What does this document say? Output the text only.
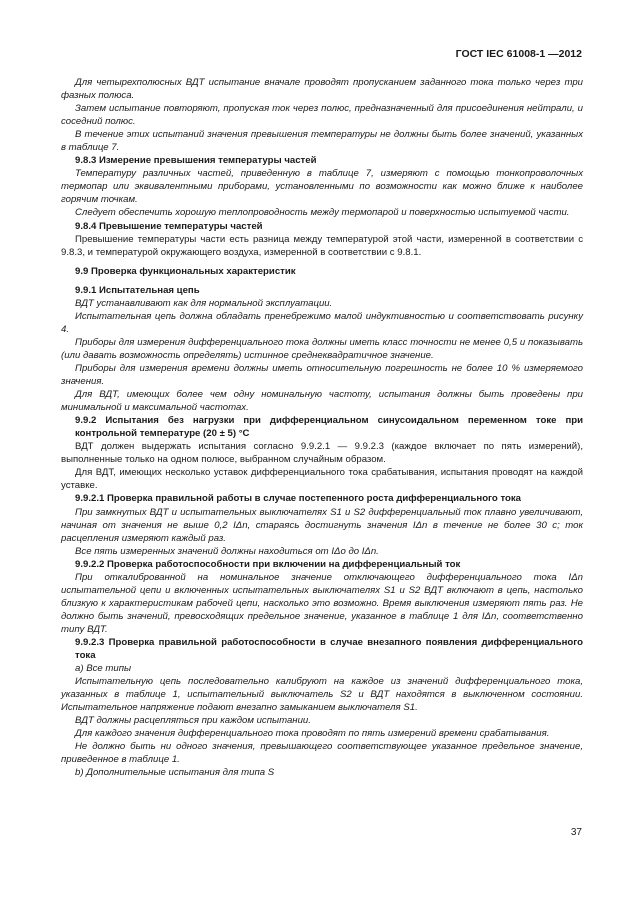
ГОСТ IEC 61008-1 —2012

Для четырехполюсных ВДТ испытание вначале проводят пропусканием заданного тока только через три фазных полюса.

Затем испытание повторяют, пропуская ток через полюс, предназначенный для присоединения нейтрали, и соседний полюс.

В течение этих испытаний значения превышения температуры не должны быть более значений, указанных в таблице 7.

9.8.3 Измерение превышения температуры частей

Температуру различных частей, приведенную в таблице 7, измеряют с помощью тонкопроволочных термопар или эквивалентными приборами, установленными по возможности как можно ближе к наиболее горячим точкам.

Следует обеспечить хорошую теплопроводность между термопарой и поверхностью испытуемой части.

9.8.4 Превышение температуры частей

Превышение температуры части есть разница между температурой этой части, измеренной в соответствии с 9.8.3, и температурой окружающего воздуха, измеренной в соответствии с 9.8.1.

9.9 Проверка функциональных характеристик

9.9.1 Испытательная цепь

ВДТ устанавливают как для нормальной эксплуатации.

Испытательная цепь должна обладать пренебрежимо малой индуктивностью и соответствовать рисунку 4.

Приборы для измерения дифференциального тока должны иметь класс точности не менее 0,5 и показывать (или давать возможность определять) истинное среднеквадратичное значение.

Приборы для измерения времени должны иметь относительную погрешность не более 10 % измеряемого значения.

Для ВДТ, имеющих более чем одну номинальную частоту, испытания должны быть проведены при минимальной и максимальной частотах.

9.9.2 Испытания без нагрузки при дифференциальном синусоидальном переменном токе при контрольной температуре (20 ± 5) °С

ВДТ должен выдержать испытания согласно 9.9.2.1 — 9.9.2.3 (каждое включает по пять измерений), выполненные только на одном полюсе, выбранном случайным образом.

Для ВДТ, имеющих несколько уставок дифференциального тока срабатывания, испытания проводят на каждой уставке.

9.9.2.1 Проверка правильной работы в случае постепенного роста дифференциального тока

При замкнутых ВДТ и испытательных выключателях S1 и S2 дифференциальный ток плавно увеличивают, начиная от значения не выше 0,2 IΔn, стараясь достигнуть значения IΔn в течение не более 30 с; ток расцепления измеряют каждый раз.

Все пять измеренных значений должны находиться от IΔo до IΔn.

9.9.2.2 Проверка работоспособности при включении на дифференциальный ток

При откалиброванной на номинальное значение отключающего дифференциального тока IΔn испытательной цепи и включенных испытательных выключателях S1 и S2 ВДТ включают в цепь, настолько близкую к характеристикам рабочей цепи, насколько это возможно. Время выключения измеряют пять раз. Не должно быть значений, превосходящих предельное значение, указанное в таблице 1 для IΔn, соответственно типу ВДТ.

9.9.2.3 Проверка правильной работоспособности в случае внезапного появления дифференциального тока

а) Все типы

Испытательную цепь последовательно калибруют на каждое из значений дифференциального тока, указанных в таблице 1, испытательный выключатель S2 и ВДТ находятся в выключенном состоянии. Испытательное напряжение подают внезапно замыканием выключателя S1.

ВДТ должны расцепляться при каждом испытании.

Для каждого значения дифференциального тока проводят по пять измерений времени срабатывания.

Не должно быть ни одного значения, превышающего соответствующее указанное предельное значение, приведенное в таблице 1.

b) Дополнительные испытания для типа S

37
